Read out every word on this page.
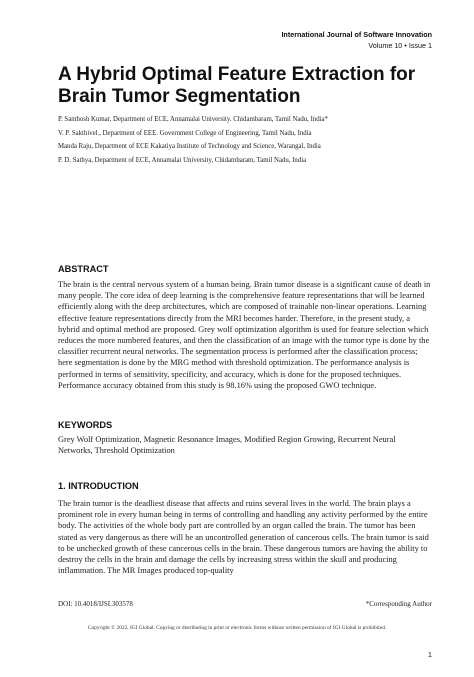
International Journal of Software Innovation
Volume 10 • Issue 1
A Hybrid Optimal Feature Extraction for Brain Tumor Segmentation
P. Santhosh Kumar, Department of ECE, Annamalai University. Chidambaram, Tamil Nadu, India*
V. P. Sakthivel., Department of EEE. Government College of Engineering, Tamil Nadu, India
Manda Raju, Department of ECE Kakatiya Institute of Technology and Science, Warangal, India
P. D. Sathya, Department of ECE, Annamalai University, Chidambaram, Tamil Nadu, India
ABSTRACT

The brain is the central nervous system of a human being. Brain tumor disease is a significant cause of death in many people. The core idea of deep learning is the comprehensive feature representations that will be learned efficiently along with the deep architectures, which are composed of trainable non-linear operations. Learning effective feature representations directly from the MRI becomes harder. Therefore, in the present study, a hybrid and optimal method are proposed. Grey wolf optimization algorithm is used for feature selection which reduces the more numbered features, and then the classification of an image with the tumor type is done by the classifier recurrent neural networks. The segmentation process is performed after the classification process; here segmentation is done by the MRG method with threshold optimization. The performance analysis is performed in terms of sensitivity, specificity, and accuracy, which is done for the proposed techniques. Performance accuracy obtained from this study is 98.16% using the proposed GWO technique.

KEYWORDS

Grey Wolf Optimization, Magnetic Resonance Images, Modified Region Growing, Recurrent Neural Networks, Threshold Optimization

1. INTRODUCTION

The brain tumor is the deadliest disease that affects and ruins several lives in the world. The brain plays a prominent role in every human being in terms of controlling and handling any activity performed by the entire body. The activities of the whole body part are controlled by an organ called the brain. The tumor has been stated as very dangerous as there will be an uncontrolled generation of cancerous cells. The brain tumor is said to be unchecked growth of these cancerous cells in the brain. These dangerous tumors are having the ability to destroy the cells in the brain and damage the cells by increasing stress within the skull and producing inflammation. The MR Images produced top-quality

DOI: 10.4018/IJSI.303578	*Corresponding Author
Copyright © 2022, IGI Global. Copying or distributing in print or electronic forms without written permission of IGI Global is prohibited.
1
